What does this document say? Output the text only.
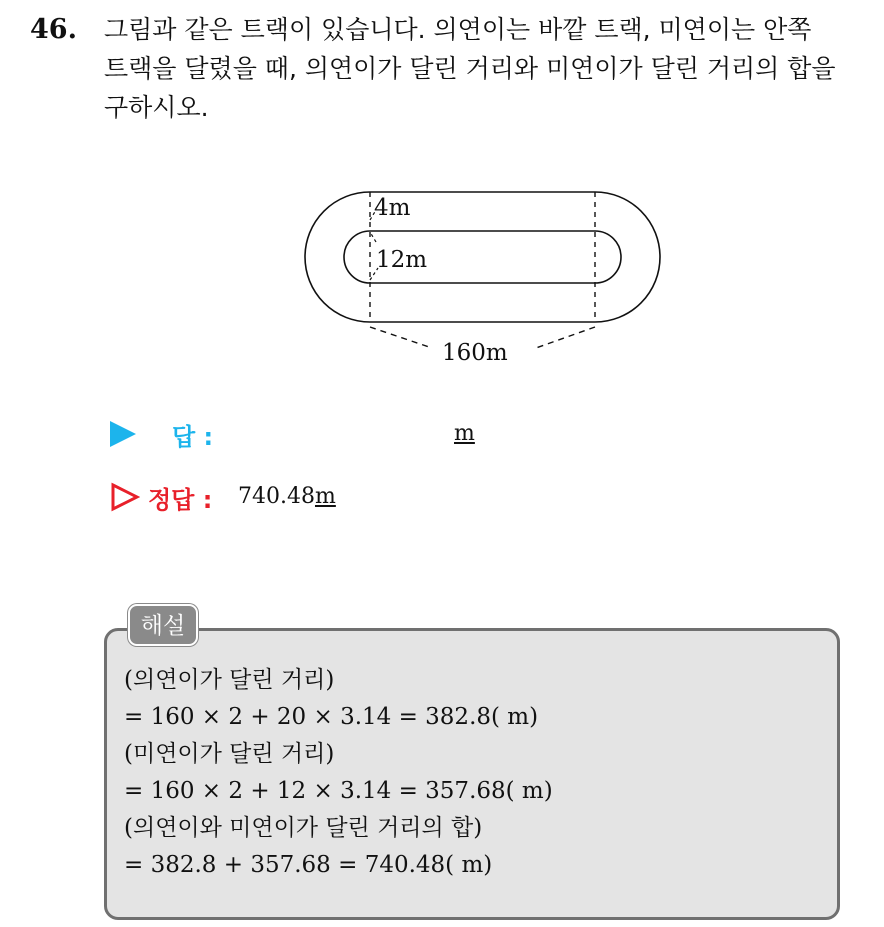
46. 그림과 같은 트랙이 있습니다. 의연이는 바깥 트랙, 미연이는 안쪽
트랙을 달렸을 때, 의연이가 달린 거리와 미연이가 달린 거리의 합을
구하시오.
4m
12m
160m
답 :	m
정답 : 740.48m
해설
(의연이가 달린 거리)
= 160 × 2 + 20 × 3.14 = 382.8( m)
(미연이가 달린 거리)
= 160 × 2 + 12 × 3.14 = 357.68( m)
(의연이와 미연이가 달린 거리의 합)
= 382.8 + 357.68 = 740.48( m)
